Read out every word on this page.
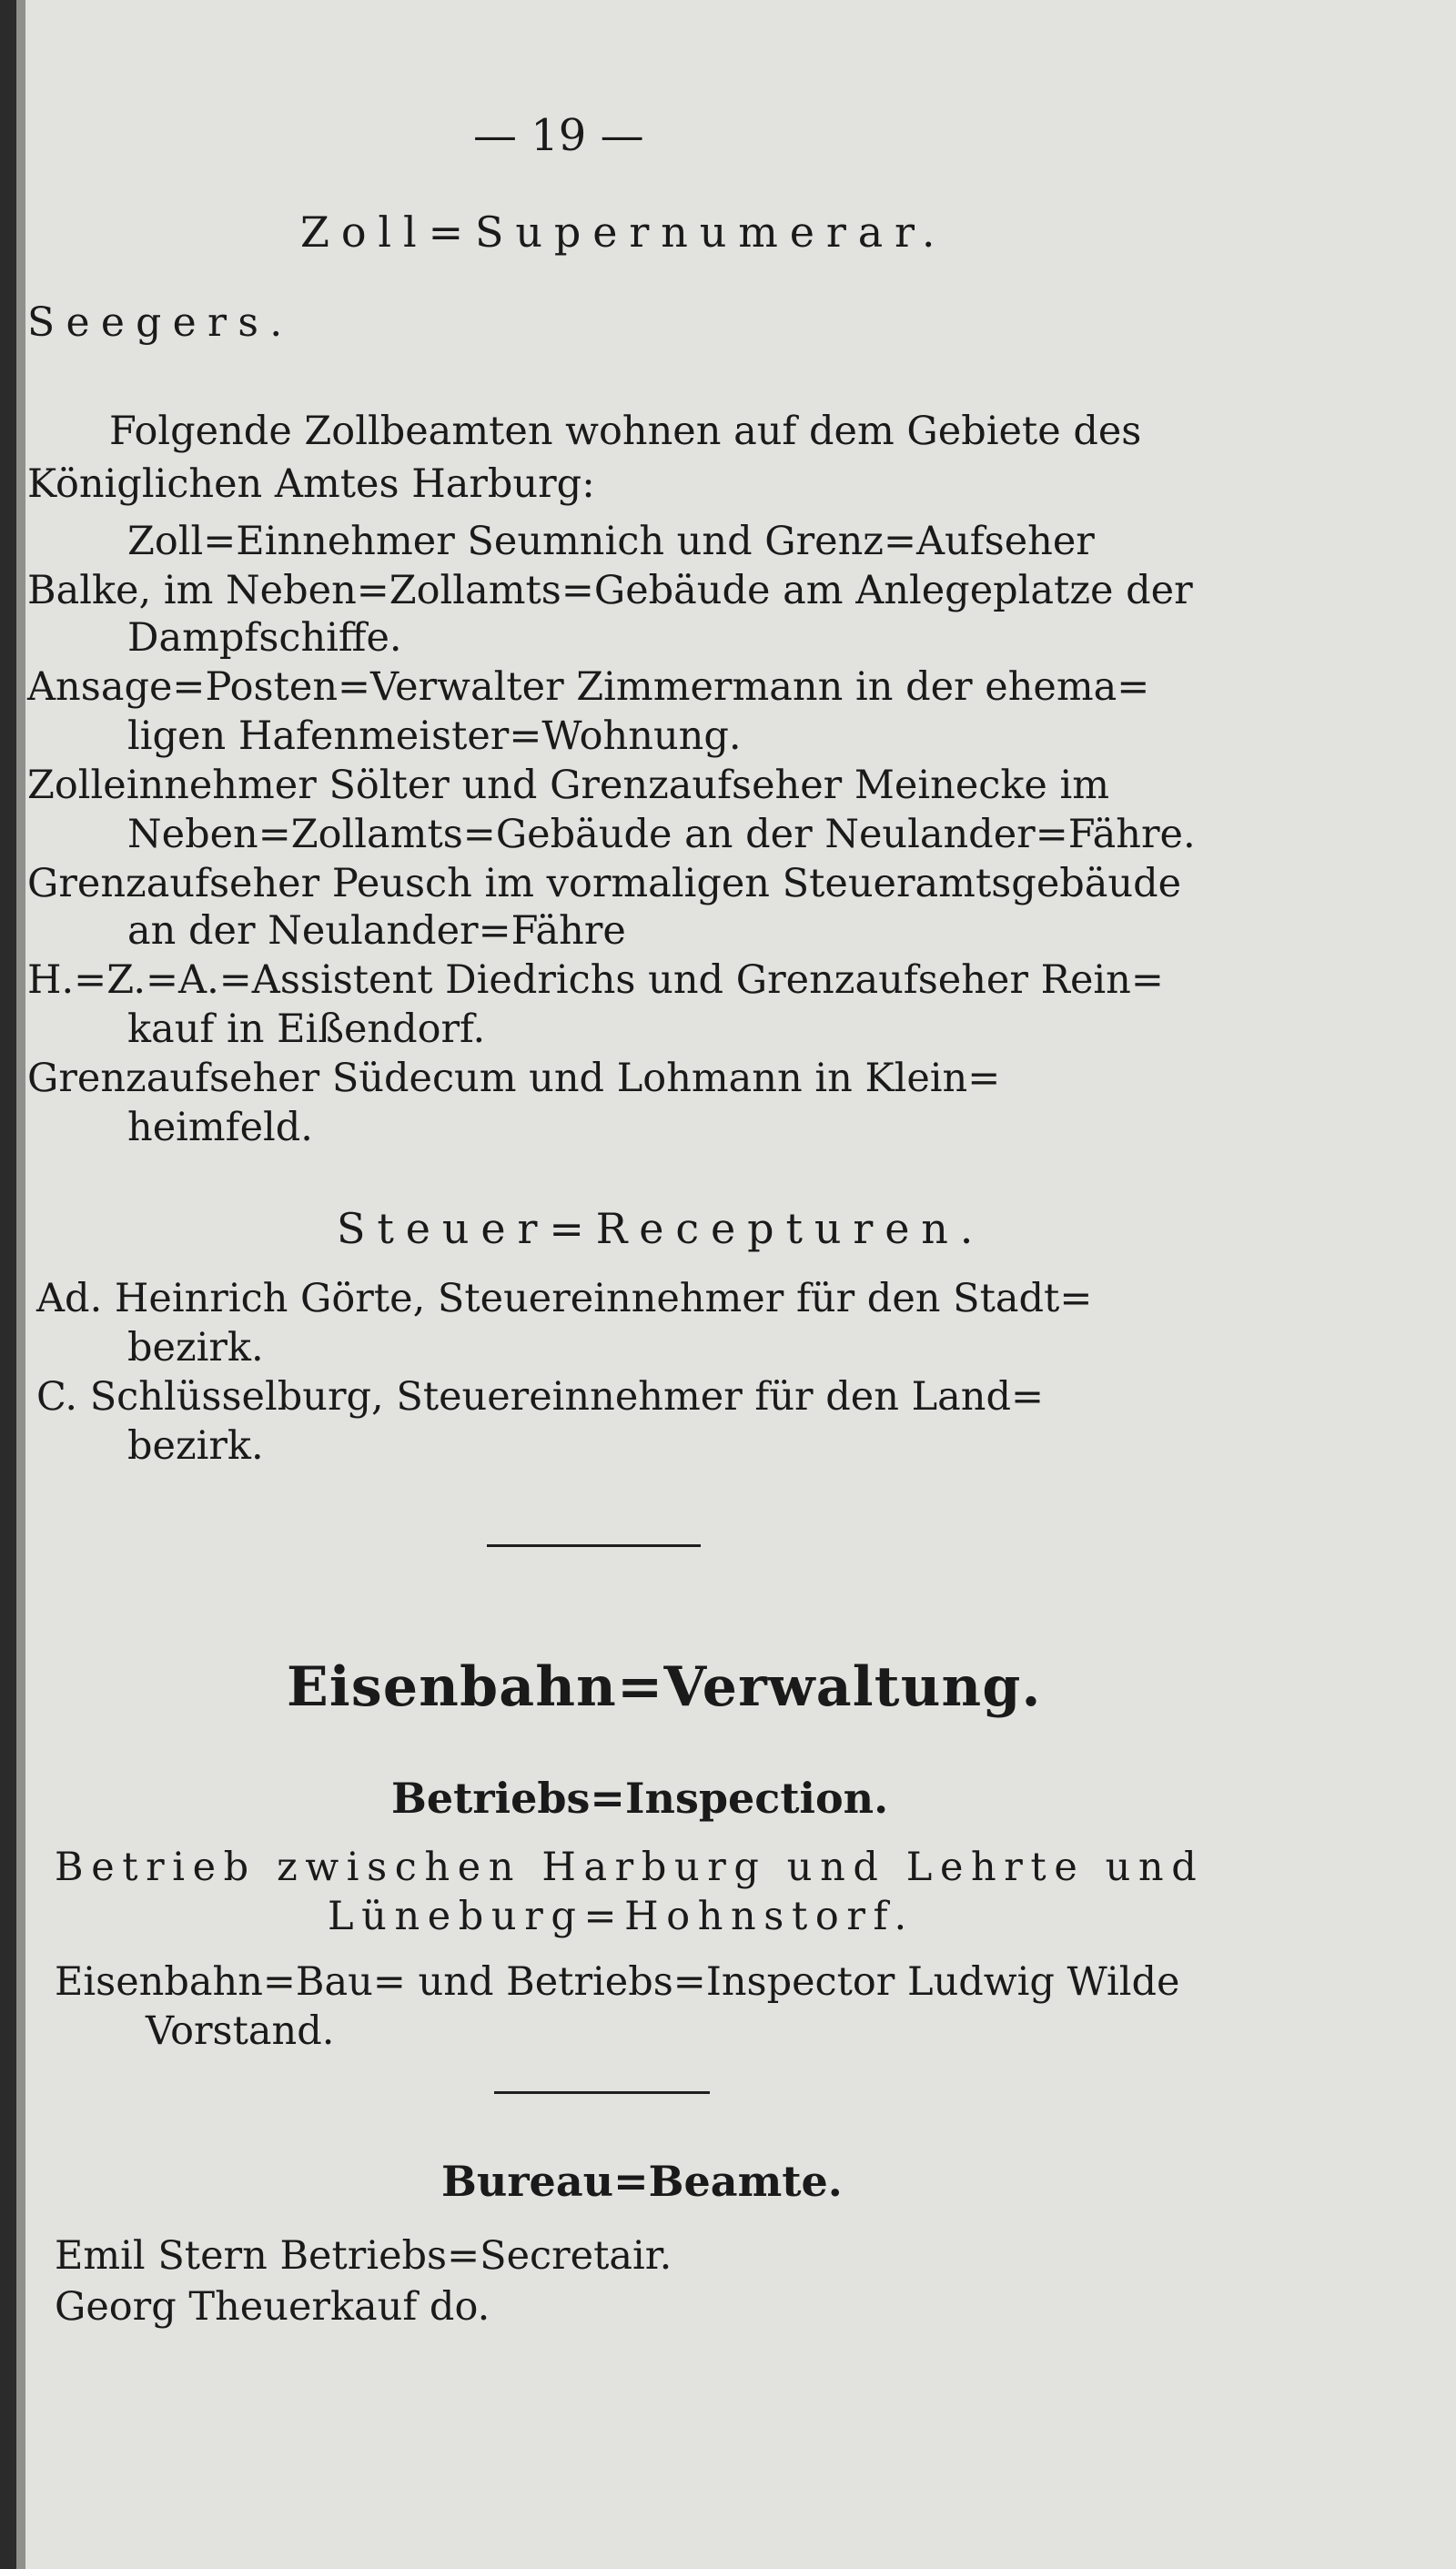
— 19 —
Zoll=Supernumerar.
Seegers.
Folgende Zollbeamten wohnen auf dem Gebiete des
Königlichen Amtes Harburg:
Zoll=Einnehmer Seumnich und Grenz=Aufseher
Balke, im Neben=Zollamts=Gebäude am Anlegeplatze der
Dampfschiffe.
Ansage=Posten=Verwalter Zimmermann in der ehema=
ligen Hafenmeister=Wohnung.
Zolleinnehmer Sölter und Grenzaufseher Meinecke im
Neben=Zollamts=Gebäude an der Neulander=Fähre.
Grenzaufseher Peusch im vormaligen Steueramtsgebäude
an der Neulander=Fähre
H.=Z.=A.=Assistent Diedrichs und Grenzaufseher Rein=
kauf in Eißendorf.
Grenzaufseher Südecum und Lohmann in Klein=
heimfeld.
Steuer=Recepturen.
Ad. Heinrich Görte, Steuereinnehmer für den Stadt=
bezirk.
C. Schlüsselburg, Steuereinnehmer für den Land=
bezirk.
Eisenbahn=Verwaltung.
Betriebs=Inspection.
Betrieb zwischen Harburg und Lehrte und
Lüneburg=Hohnstorf.
Eisenbahn=Bau= und Betriebs=Inspector Ludwig Wilde
Vorstand.
Bureau=Beamte.
Emil Stern Betriebs=Secretair.
Georg Theuerkauf do.
